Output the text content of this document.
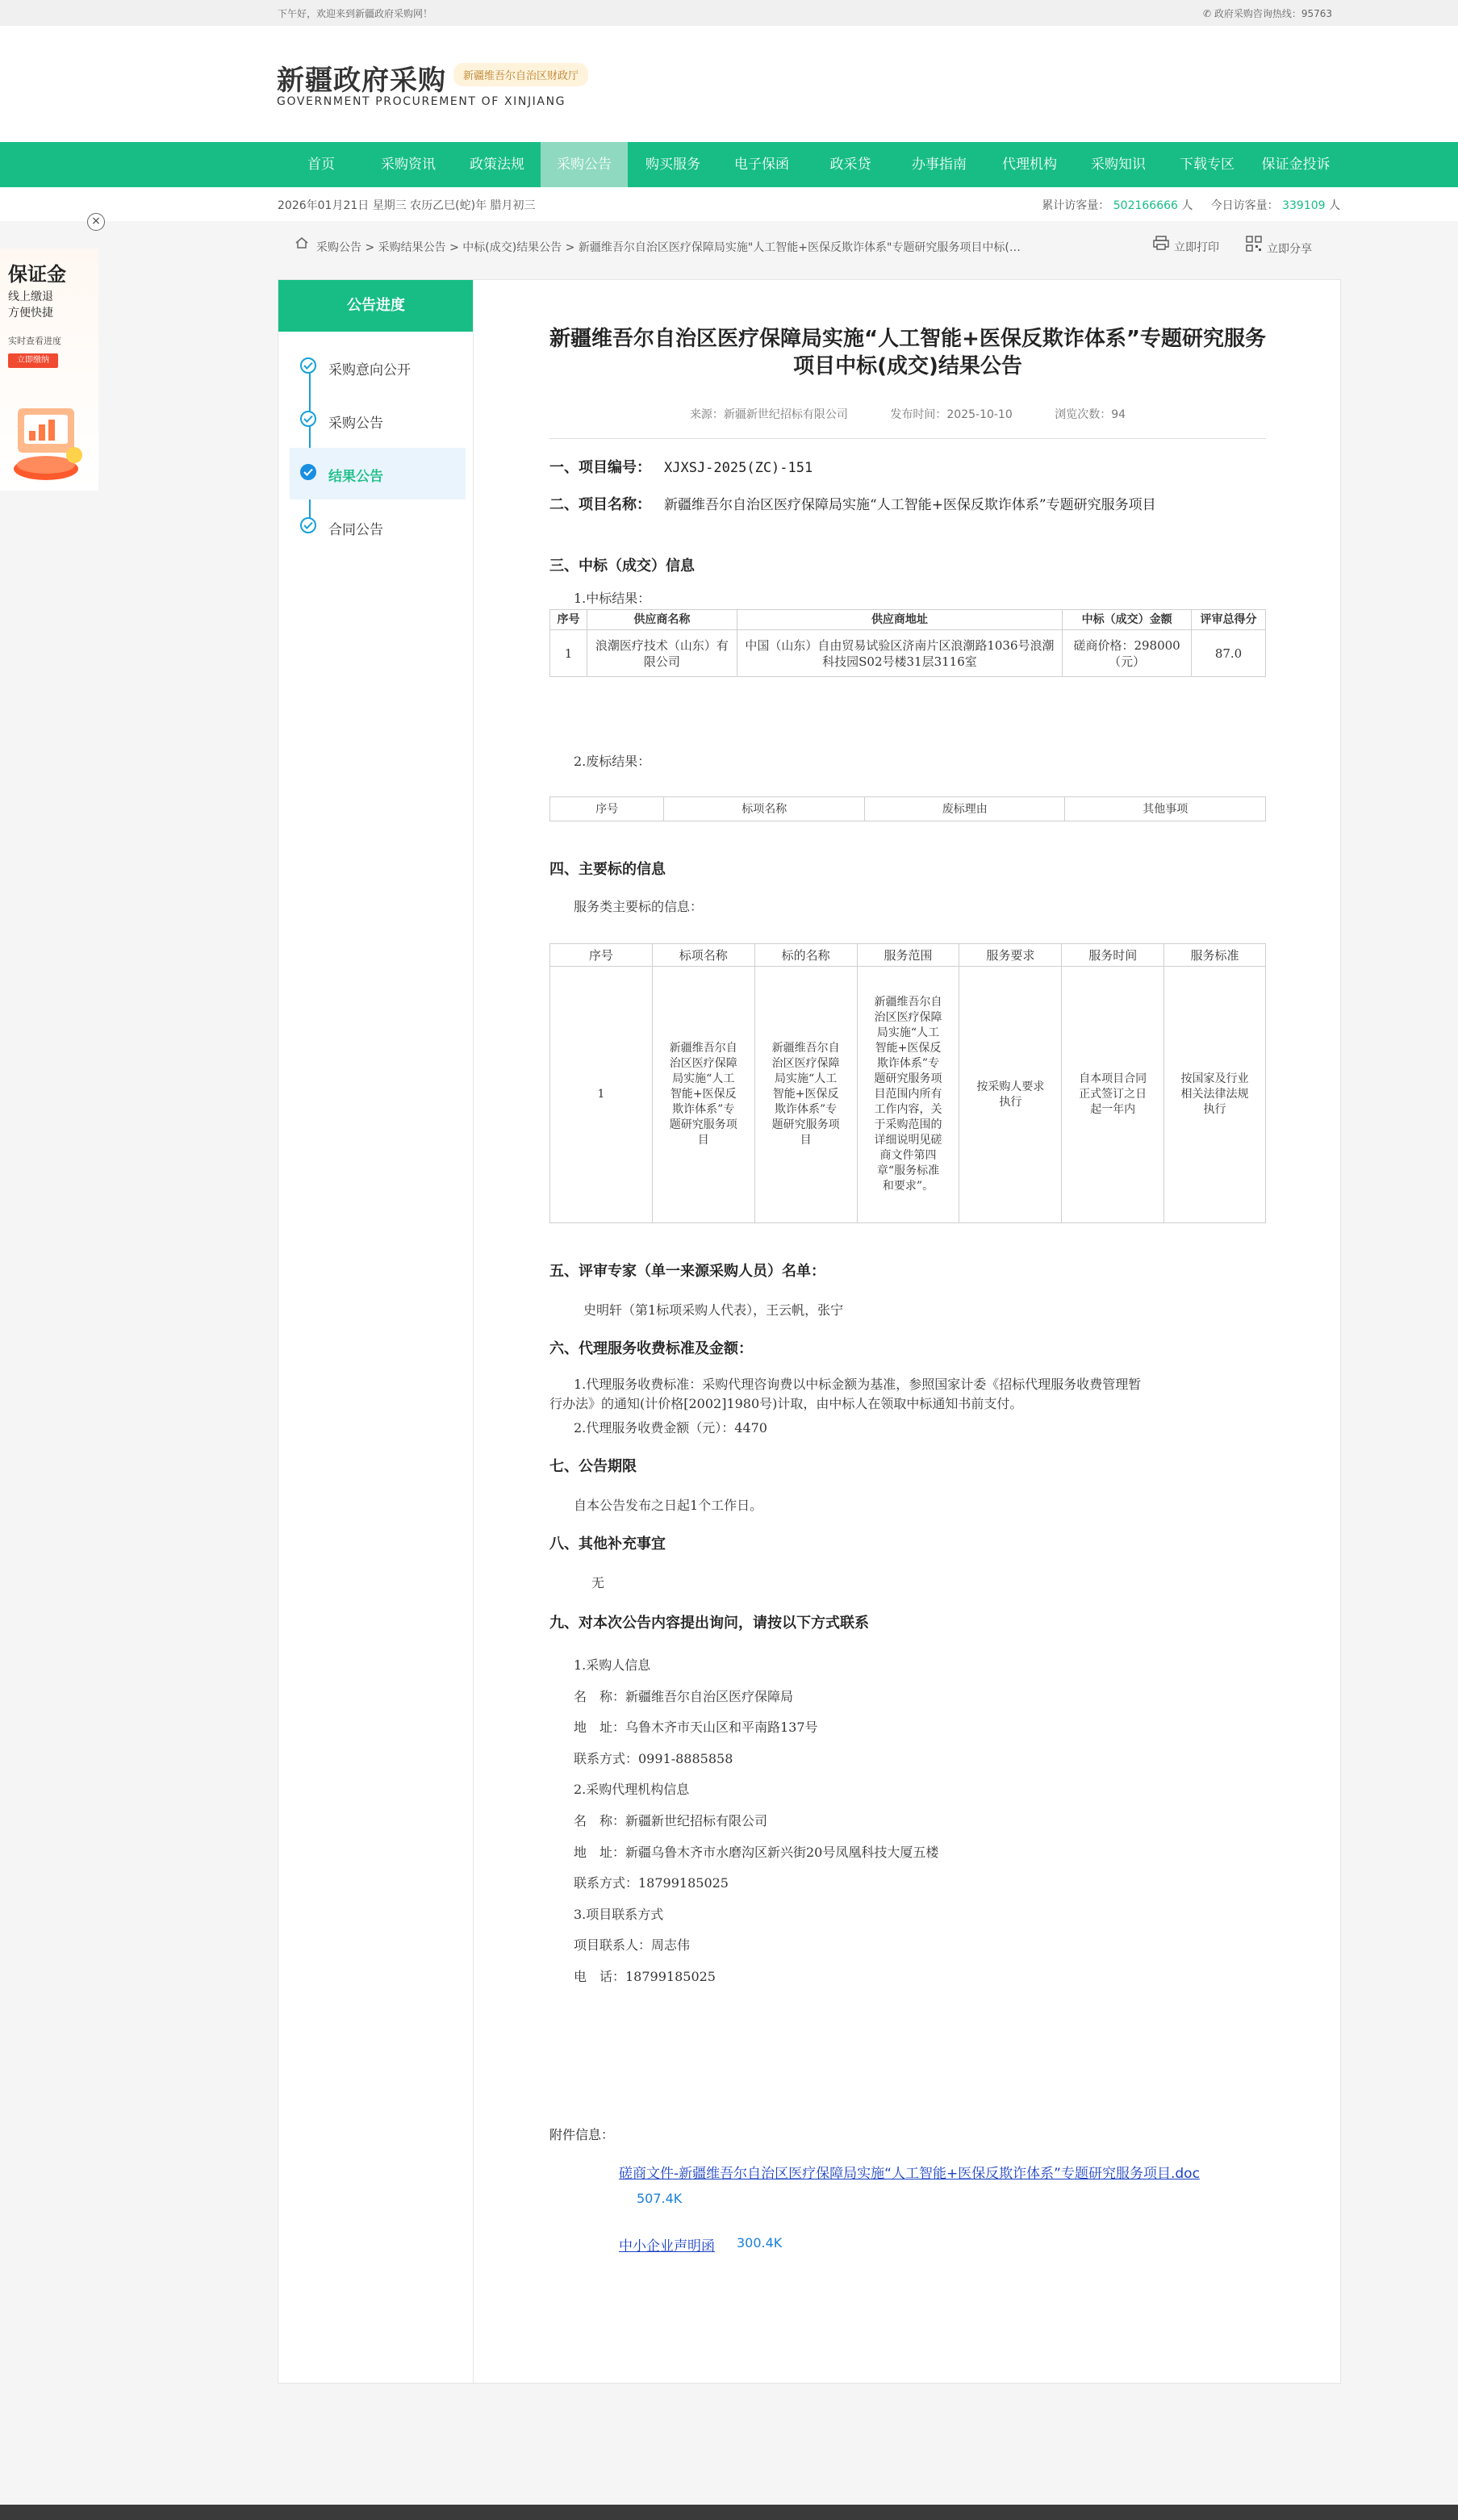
下午好，欢迎来到新疆政府采购网！	✆ 政府采购咨询热线：95763
新疆政府采购
GOVERNMENT PROCUREMENT OF XINJIANG
新疆维吾尔自治区财政厅
首页	采购资讯	政策法规	采购公告	购买服务	电子保函	政采贷	办事指南	代理机构	采购知识	下载专区	保证金投诉
2026年01月21日 星期三 农历乙巳(蛇)年 腊月初三	累计访客量： 502166666 人 今日访客量： 339109 人
×
保证金
线上缴退
方便快捷
实时查看进度
立即缴纳
采购公告 > 采购结果公告 > 中标(成交)结果公告 > 新疆维吾尔自治区医疗保障局实施"人工智能+医保反欺诈体系"专题研究服务项目中标(…	立即打印	立即分享
公告进度
采购意向公开
采购公告
结果公告
合同公告
新疆维吾尔自治区医疗保障局实施“人工智能+医保反欺诈体系”专题研究服务项目中标(成交)结果公告
来源：新疆新世纪招标有限公司	发布时间：2025-10-10	浏览次数：94
一、项目编号： XJXSJ-2025(ZC)-151
二、项目名称： 新疆维吾尔自治区医疗保障局实施“人工智能+医保反欺诈体系”专题研究服务项目
三、中标（成交）信息
1.中标结果：
序号	供应商名称	供应商地址	中标（成交）金额	评审总得分
1	浪潮医疗技术（山东）有限公司	中国（山东）自由贸易试验区济南片区浪潮路1036号浪潮科技园S02号楼31层3116室	磋商价格：298000（元）	87.0
2.废标结果：
序号	标项名称	废标理由	其他事项
四、主要标的信息
服务类主要标的信息：
序号	标项名称	标的名称	服务范围	服务要求	服务时间	服务标准
1	新疆维吾尔自治区医疗保障局实施“人工智能+医保反欺诈体系”专题研究服务项目	新疆维吾尔自治区医疗保障局实施“人工智能+医保反欺诈体系”专题研究服务项目	新疆维吾尔自治区医疗保障局实施“人工智能+医保反欺诈体系”专题研究服务项目范围内所有工作内容，关于采购范围的详细说明见磋商文件第四章“服务标准和要求”。	按采购人要求执行	自本项目合同正式签订之日起一年内	按国家及行业相关法律法规执行
五、评审专家（单一来源采购人员）名单：
史明轩（第1标项采购人代表），王云帆，张宁
六、代理服务收费标准及金额：
1.代理服务收费标准：采购代理咨询费以中标金额为基准，参照国家计委《招标代理服务收费管理暂
行办法》的通知(计价格[2002]1980号)计取，由中标人在领取中标通知书前支付。
2.代理服务收费金额（元）：4470
七、公告期限
自本公告发布之日起1个工作日。
八、其他补充事宜
无
九、对本次公告内容提出询问，请按以下方式联系
1.采购人信息
名　称：新疆维吾尔自治区医疗保障局
地　址：乌鲁木齐市天山区和平南路137号
联系方式：0991-8885858
2.采购代理机构信息
名　称：新疆新世纪招标有限公司
地　址：新疆乌鲁木齐市水磨沟区新兴街20号凤凰科技大厦五楼
联系方式：18799185025
3.项目联系方式
项目联系人：周志伟
电　话：18799185025
附件信息：
磋商文件-新疆维吾尔自治区医疗保障局实施“人工智能+医保反欺诈体系”专题研究服务项目.doc
507.4K
中小企业声明函 300.4K
